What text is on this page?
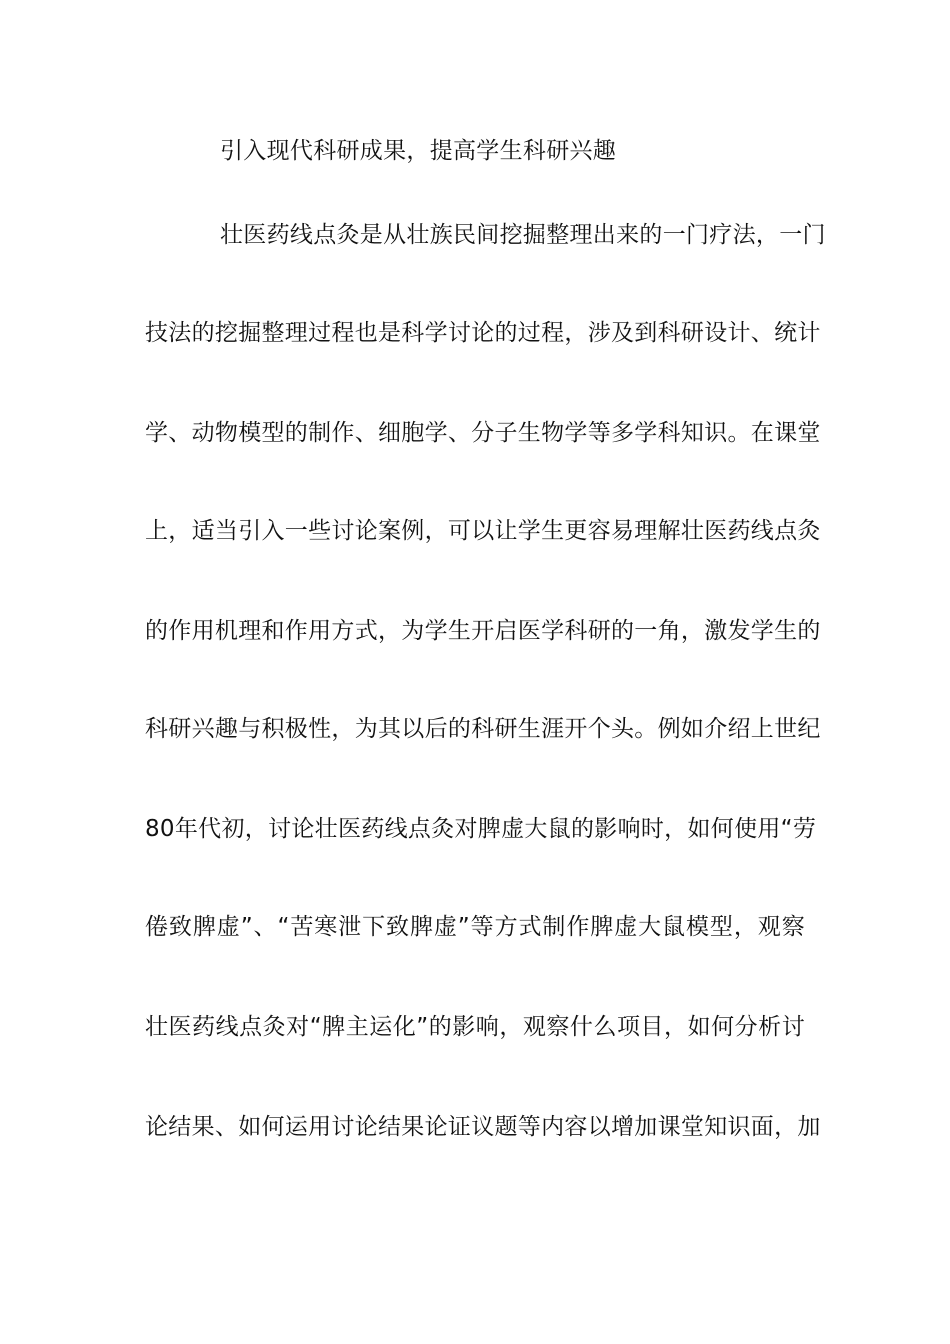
引入现代科研成果，提高学生科研兴趣
壮医药线点灸是从壮族民间挖掘整理出来的一门疗法，一门
技法的挖掘整理过程也是科学讨论的过程，涉及到科研设计、统计
学、动物模型的制作、细胞学、分子生物学等多学科知识。在课堂
上，适当引入一些讨论案例，可以让学生更容易理解壮医药线点灸
的作用机理和作用方式，为学生开启医学科研的一角，激发学生的
科研兴趣与积极性，为其以后的科研生涯开个头。例如介绍上世纪
80年代初，讨论壮医药线点灸对脾虚大鼠的影响时，如何使用“劳
倦致脾虚”、“苦寒泄下致脾虚”等方式制作脾虚大鼠模型，观察
壮医药线点灸对“脾主运化”的影响，观察什么项目，如何分析讨
论结果、如何运用讨论结果论证议题等内容以增加课堂知识面，加
